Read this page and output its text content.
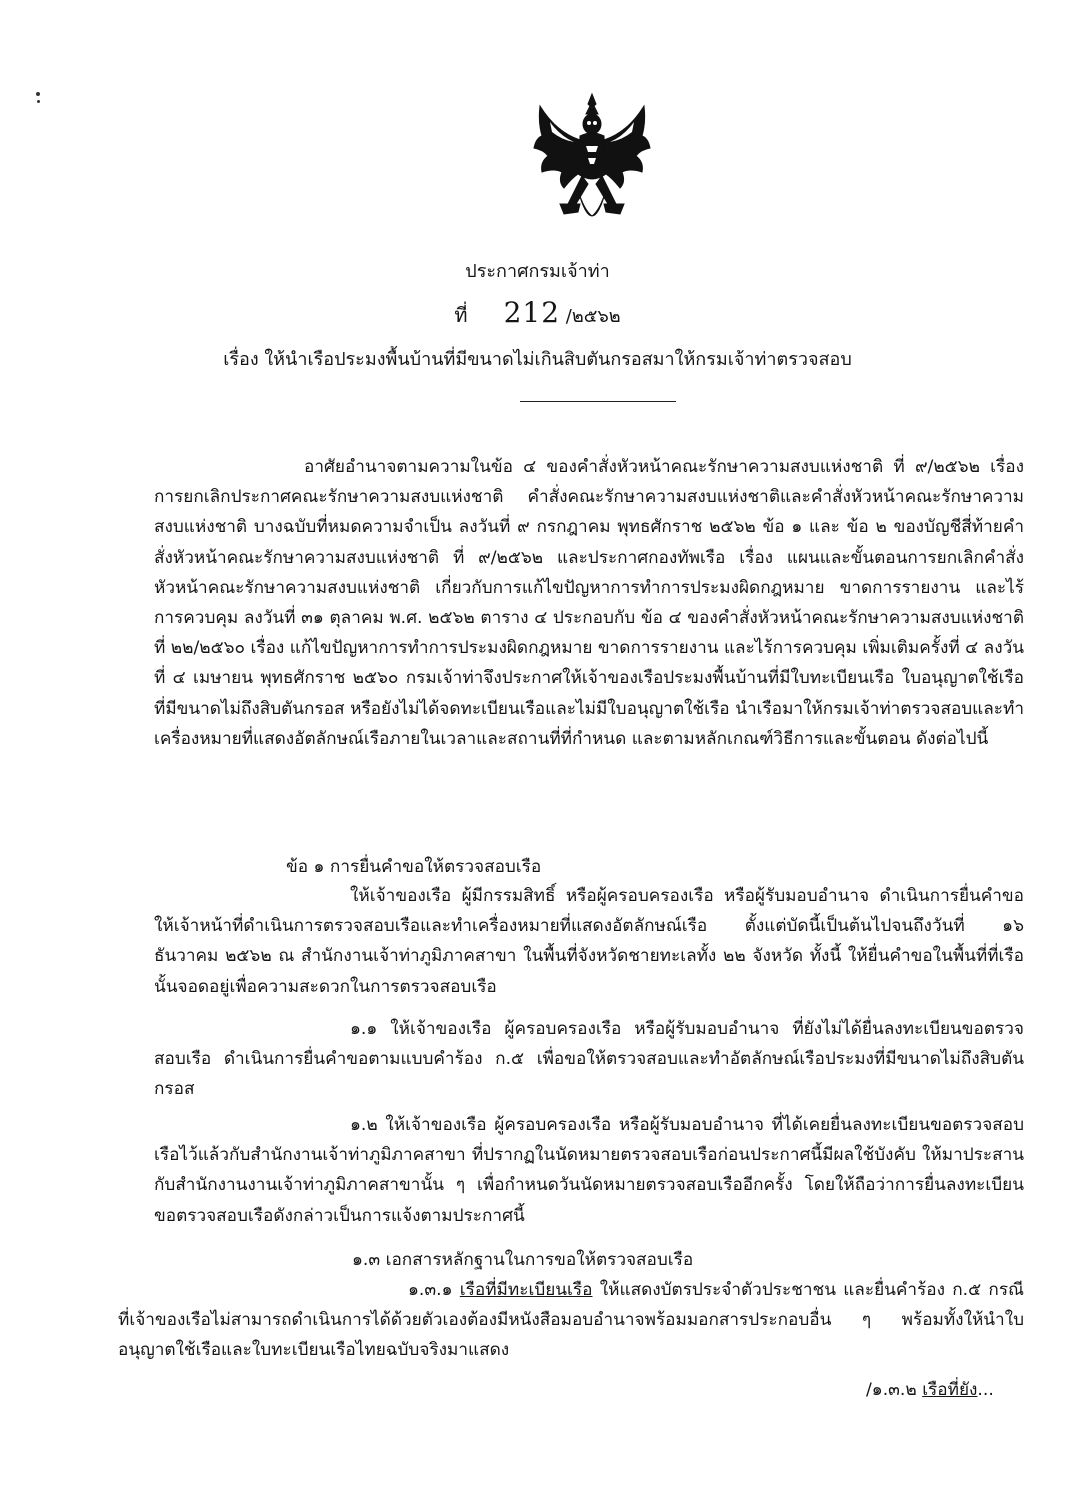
ประกาศกรมเจ้าท่า
ที่ 212 /๒๕๖๒
เรื่อง ให้นำเรือประมงพื้นบ้านที่มีขนาดไม่เกินสิบตันกรอสมาให้กรมเจ้าท่าตรวจสอบ

อาศัยอำนาจตามความในข้อ ๔ ของคำสั่งหัวหน้าคณะรักษาความสงบแห่งชาติ ที่ ๙/๒๕๖๒ เรื่อง การยกเลิกประกาศคณะรักษาความสงบแห่งชาติ คำสั่งคณะรักษาความสงบแห่งชาติและคำสั่งหัวหน้าคณะรักษาความสงบแห่งชาติ บางฉบับที่หมดความจำเป็น ลงวันที่ ๙ กรกฎาคม พุทธศักราช ๒๕๖๒ ข้อ ๑ และ ข้อ ๒ ของบัญชีสี่ท้ายคำสั่งหัวหน้าคณะรักษาความสงบแห่งชาติ ที่ ๙/๒๕๖๒ และประกาศกองทัพเรือ เรื่อง แผนและขั้นตอนการยกเลิกคำสั่งหัวหน้าคณะรักษาความสงบแห่งชาติ เกี่ยวกับการแก้ไขปัญหาการทำการประมงผิดกฎหมาย ขาดการรายงาน และไร้การควบคุม ลงวันที่ ๓๑ ตุลาคม พ.ศ. ๒๕๖๒ ตาราง ๔ ประกอบกับ ข้อ ๔ ของคำสั่งหัวหน้าคณะรักษาความสงบแห่งชาติ ที่ ๒๒/๒๕๖๐ เรื่อง แก้ไขปัญหาการทำการประมงผิดกฎหมาย ขาดการรายงาน และไร้การควบคุม เพิ่มเติมครั้งที่ ๔ ลงวันที่ ๔ เมษายน พุทธศักราช ๒๕๖๐ กรมเจ้าท่าจึงประกาศให้เจ้าของเรือประมงพื้นบ้านที่มีใบทะเบียนเรือ ใบอนุญาตใช้เรือที่มีขนาดไม่ถึงสิบตันกรอส หรือยังไม่ได้จดทะเบียนเรือและไม่มีใบอนุญาตใช้เรือ นำเรือมาให้กรมเจ้าท่าตรวจสอบและทำเครื่องหมายที่แสดงอัตลักษณ์เรือภายในเวลาและสถานที่ที่กำหนด และตามหลักเกณฑ์วิธีการและขั้นตอน ดังต่อไปนี้

ข้อ ๑ การยื่นคำขอให้ตรวจสอบเรือ

ให้เจ้าของเรือ ผู้มีกรรมสิทธิ์ หรือผู้ครอบครองเรือ หรือผู้รับมอบอำนาจ ดำเนินการยื่นคำขอให้เจ้าหน้าที่ดำเนินการตรวจสอบเรือและทำเครื่องหมายที่แสดงอัตลักษณ์เรือ ตั้งแต่บัดนี้เป็นต้นไปจนถึงวันที่ ๑๖ ธันวาคม ๒๕๖๒ ณ สำนักงานเจ้าท่าภูมิภาคสาขา ในพื้นที่จังหวัดชายทะเลทั้ง ๒๒ จังหวัด ทั้งนี้ ให้ยื่นคำขอในพื้นที่ที่เรือนั้นจอดอยู่เพื่อความสะดวกในการตรวจสอบเรือ

๑.๑ ให้เจ้าของเรือ ผู้ครอบครองเรือ หรือผู้รับมอบอำนาจ ที่ยังไม่ได้ยื่นลงทะเบียนขอตรวจสอบเรือ ดำเนินการยื่นคำขอตามแบบคำร้อง ก.๕ เพื่อขอให้ตรวจสอบและทำอัตลักษณ์เรือประมงที่มีขนาดไม่ถึงสิบตันกรอส

๑.๒ ให้เจ้าของเรือ ผู้ครอบครองเรือ หรือผู้รับมอบอำนาจ ที่ได้เคยยื่นลงทะเบียนขอตรวจสอบเรือไว้แล้วกับสำนักงานเจ้าท่าภูมิภาคสาขา ที่ปรากฏในนัดหมายตรวจสอบเรือก่อนประกาศนี้มีผลใช้บังคับ ให้มาประสานกับสำนักงานงานเจ้าท่าภูมิภาคสาขานั้น ๆ เพื่อกำหนดวันนัดหมายตรวจสอบเรืออีกครั้ง โดยให้ถือว่าการยื่นลงทะเบียนขอตรวจสอบเรือดังกล่าวเป็นการแจ้งตามประกาศนี้

๑.๓ เอกสารหลักฐานในการขอให้ตรวจสอบเรือ

๑.๓.๑ เรือที่มีทะเบียนเรือ ให้แสดงบัตรประจำตัวประชาชน และยื่นคำร้อง ก.๕ กรณีที่เจ้าของเรือไม่สามารถดำเนินการได้ด้วยตัวเองต้องมีหนังสือมอบอำนาจพร้อมมอกสารประกอบอื่น ๆ พร้อมทั้งให้นำใบอนุญาตใช้เรือและใบทะเบียนเรือไทยฉบับจริงมาแสดง

/๑.๓.๒ เรือที่ยัง...
